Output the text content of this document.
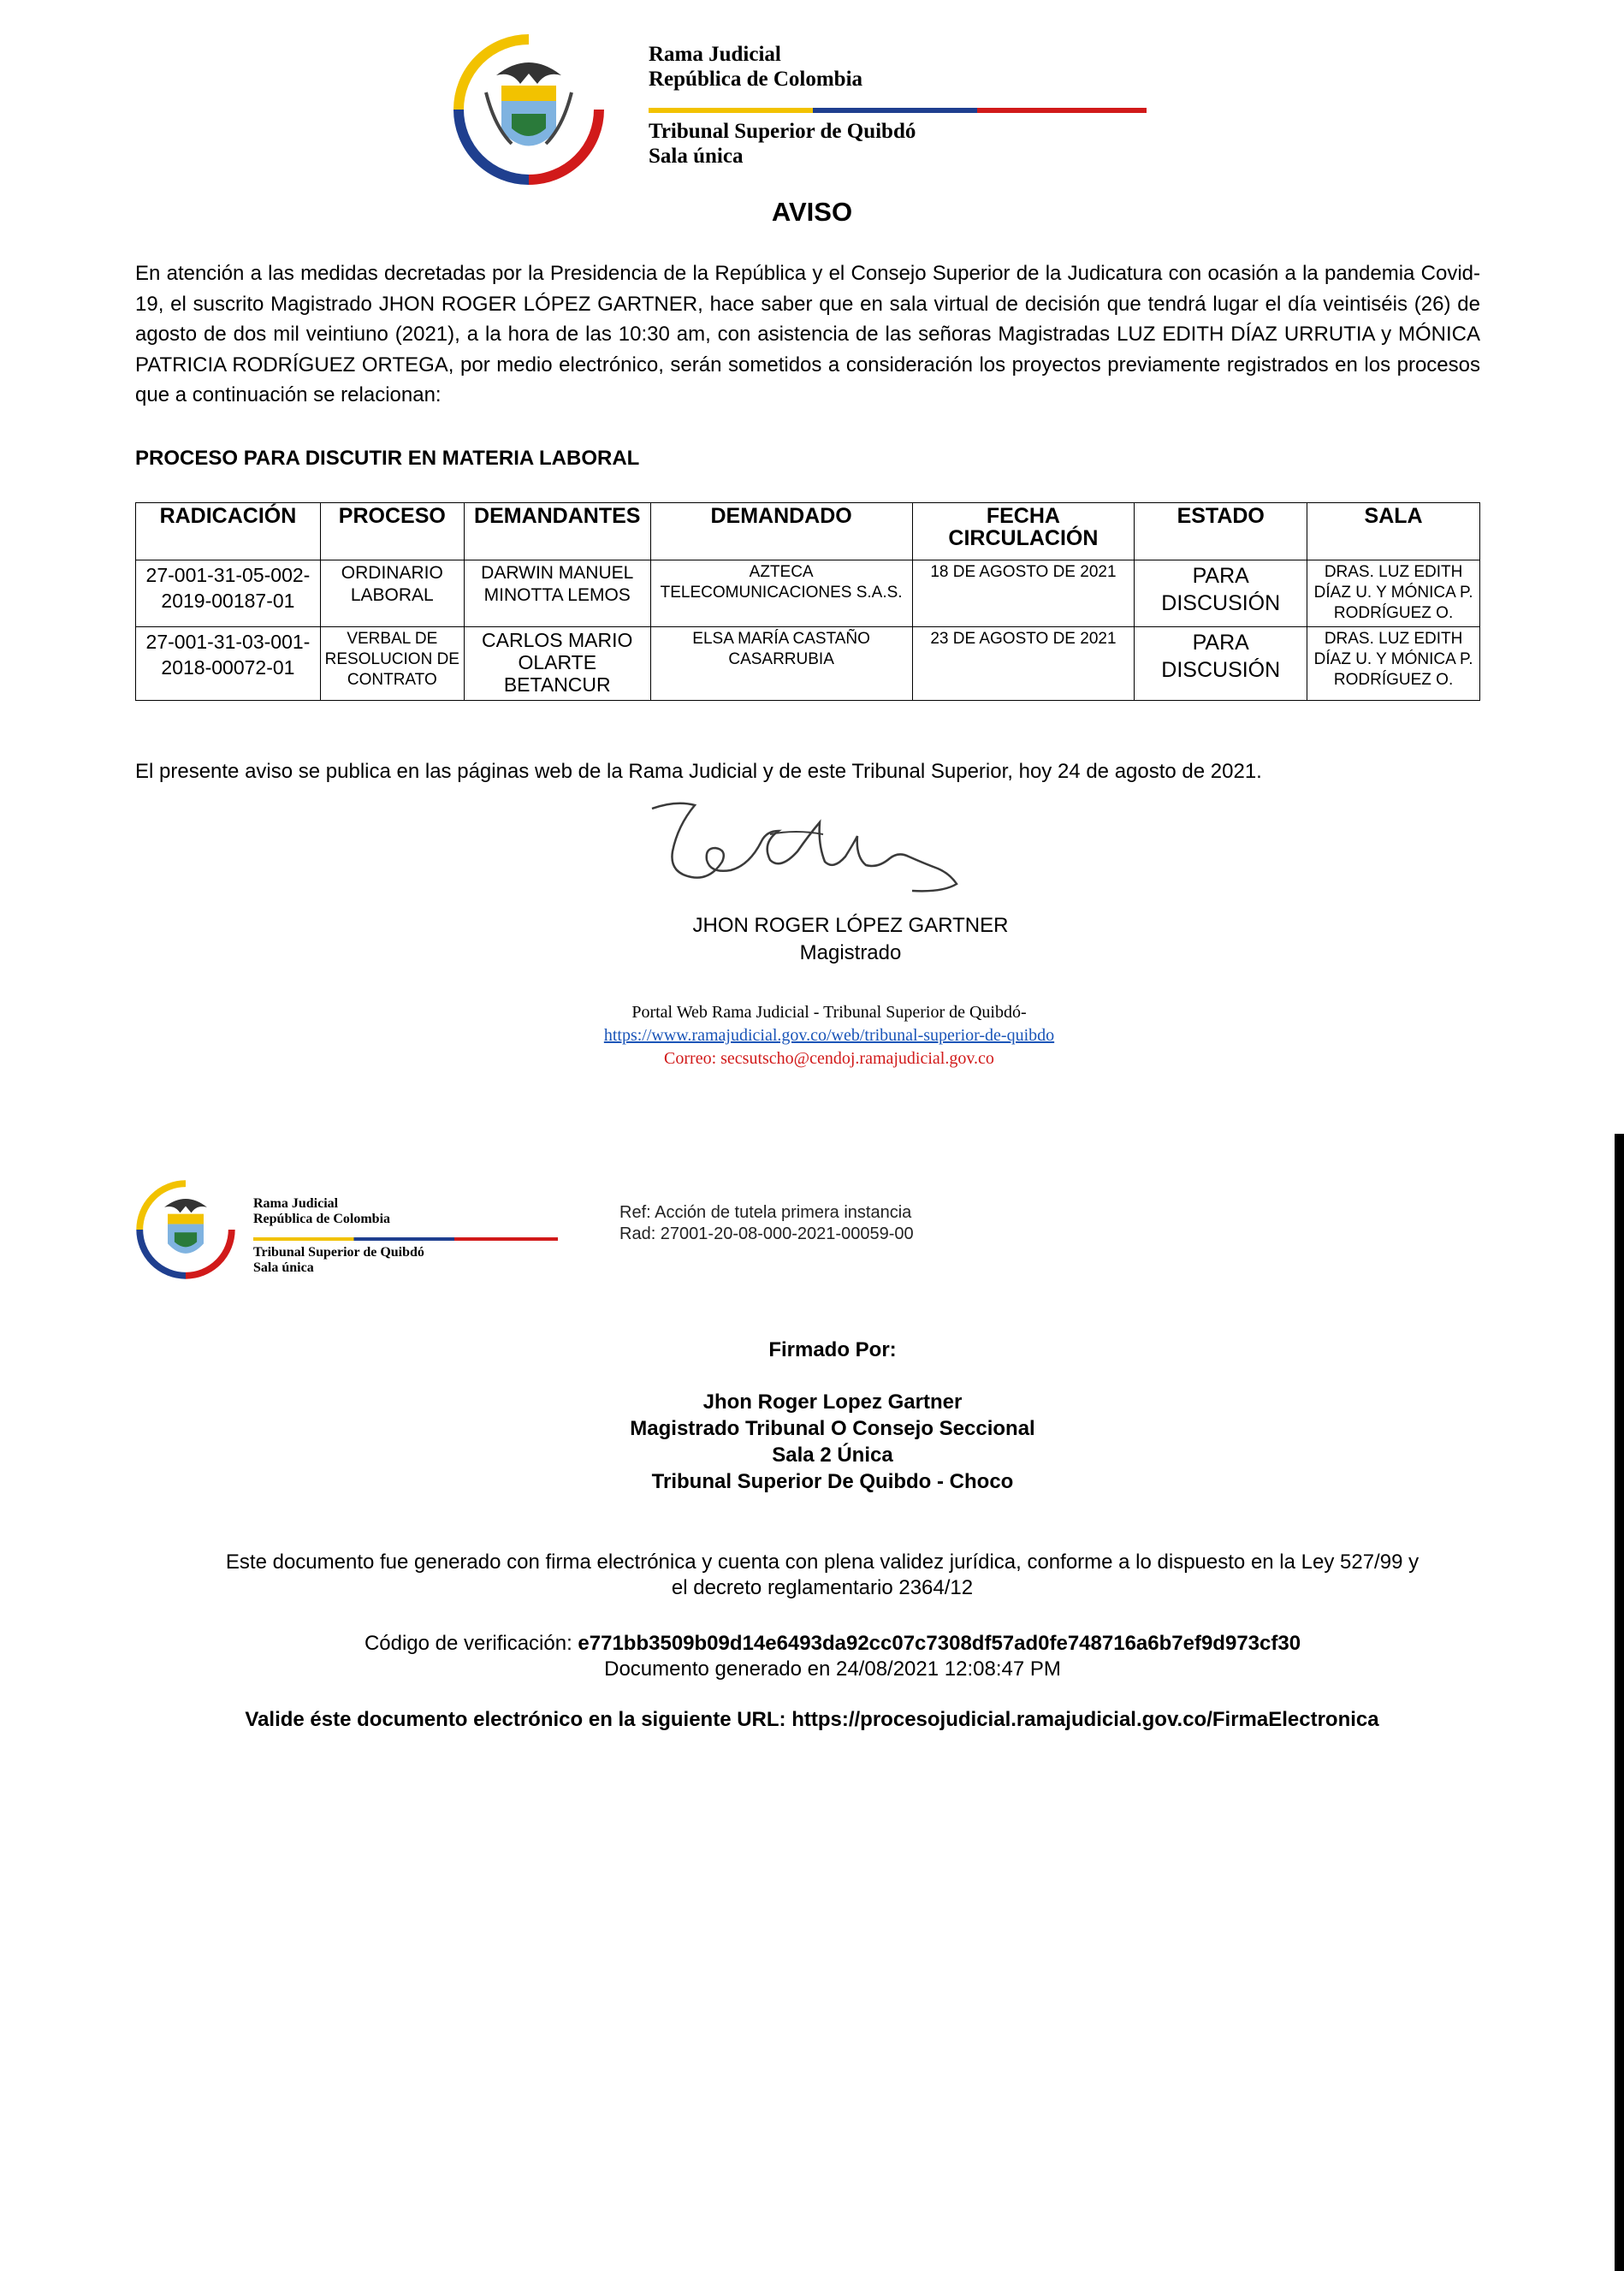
Rama Judicial
República de Colombia
Tribunal Superior de Quibdó
Sala única
AVISO
En atención a las medidas decretadas por la Presidencia de la República y el Consejo Superior de la Judicatura con ocasión a la pandemia Covid-19, el suscrito Magistrado JHON ROGER LÓPEZ GARTNER, hace saber que en sala virtual de decisión que tendrá lugar el día veintiséis (26) de agosto de dos mil veintiuno (2021), a la hora de las 10:30 am, con asistencia de las señoras Magistradas LUZ EDITH DÍAZ URRUTIA y MÓNICA PATRICIA RODRÍGUEZ ORTEGA, por medio electrónico, serán sometidos a consideración los proyectos previamente registrados en los procesos que a continuación se relacionan:
PROCESO PARA DISCUTIR EN MATERIA LABORAL
RADICACIÓN	PROCESO	DEMANDANTES	DEMANDADO	FECHA CIRCULACIÓN	ESTADO	SALA
27-001-31-05-002-2019-00187-01	ORDINARIO LABORAL	DARWIN MANUEL MINOTTA LEMOS	AZTECA TELECOMUNICACIONES S.A.S.	18 DE AGOSTO DE 2021	PARA DISCUSIÓN	DRAS. LUZ EDITH DÍAZ U. Y MÓNICA P. RODRÍGUEZ O.
27-001-31-03-001-2018-00072-01	VERBAL DE RESOLUCION DE CONTRATO	CARLOS MARIO OLARTE BETANCUR	ELSA MARÍA CASTAÑO CASARRUBIA	23 DE AGOSTO DE 2021	PARA DISCUSIÓN	DRAS. LUZ EDITH DÍAZ U. Y MÓNICA P. RODRÍGUEZ O.
El presente aviso se publica en las páginas web de la Rama Judicial y de este Tribunal Superior, hoy 24 de agosto de 2021.
JHON ROGER LÓPEZ GARTNER
Magistrado
Portal Web Rama Judicial - Tribunal Superior de Quibdó-
https://www.ramajudicial.gov.co/web/tribunal-superior-de-quibdo
Correo: secsutscho@cendoj.ramajudicial.gov.co
Rama Judicial
República de Colombia
Tribunal Superior de Quibdó
Sala única
Ref: Acción de tutela primera instancia
Rad: 27001-20-08-000-2021-00059-00
Firmado Por:
Jhon Roger Lopez Gartner
Magistrado Tribunal O Consejo Seccional
Sala 2 Única
Tribunal Superior De Quibdo - Choco
Este documento fue generado con firma electrónica y cuenta con plena validez jurídica, conforme a lo dispuesto en la Ley 527/99 y
el decreto reglamentario 2364/12
Código de verificación: e771bb3509b09d14e6493da92cc07c7308df57ad0fe748716a6b7ef9d973cf30
Documento generado en 24/08/2021 12:08:47 PM
Valide éste documento electrónico en la siguiente URL: https://procesojudicial.ramajudicial.gov.co/FirmaElectronica
